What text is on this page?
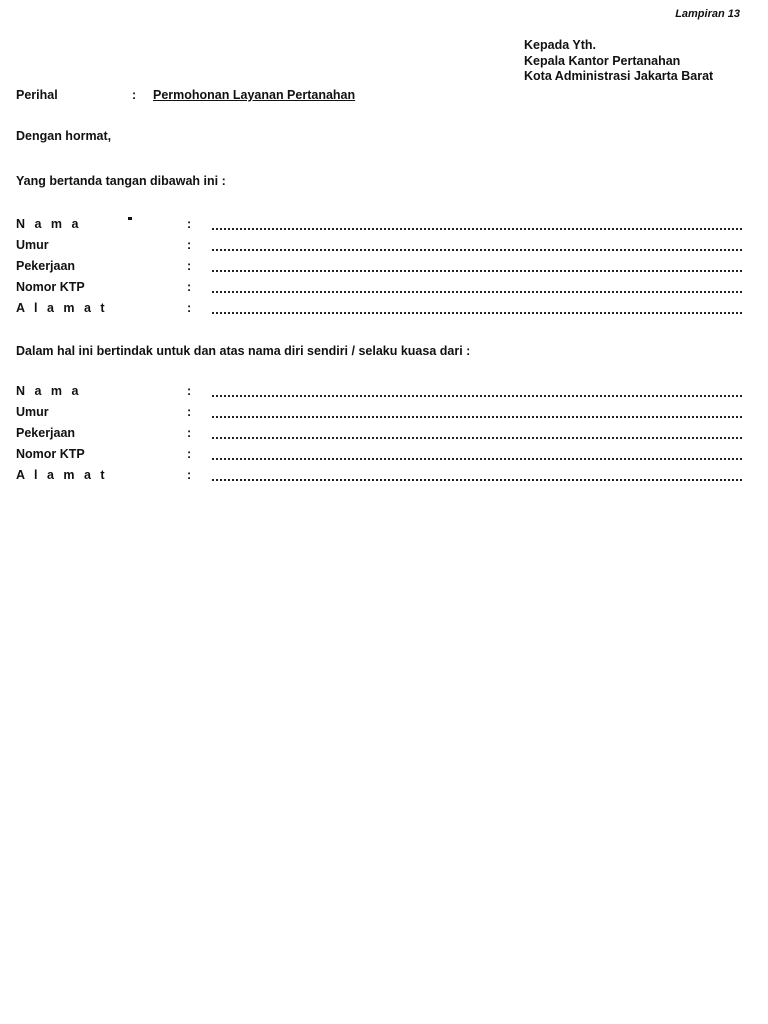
Lampiran 13
Kepada Yth.
Kepala Kantor Pertanahan
Kota Administrasi Jakarta Barat
Perihal	: Permohonan Layanan Pertanahan
Dengan hormat,
Yang bertanda tangan dibawah ini :
N a m a	:
Umur	:
Pekerjaan	:
Nomor KTP	:
A l a m a t	:
Dalam hal ini bertindak untuk dan atas nama diri sendiri / selaku kuasa dari :
N a m a	:
Umur	:
Pekerjaan	:
Nomor KTP	:
A l a m a t	:
